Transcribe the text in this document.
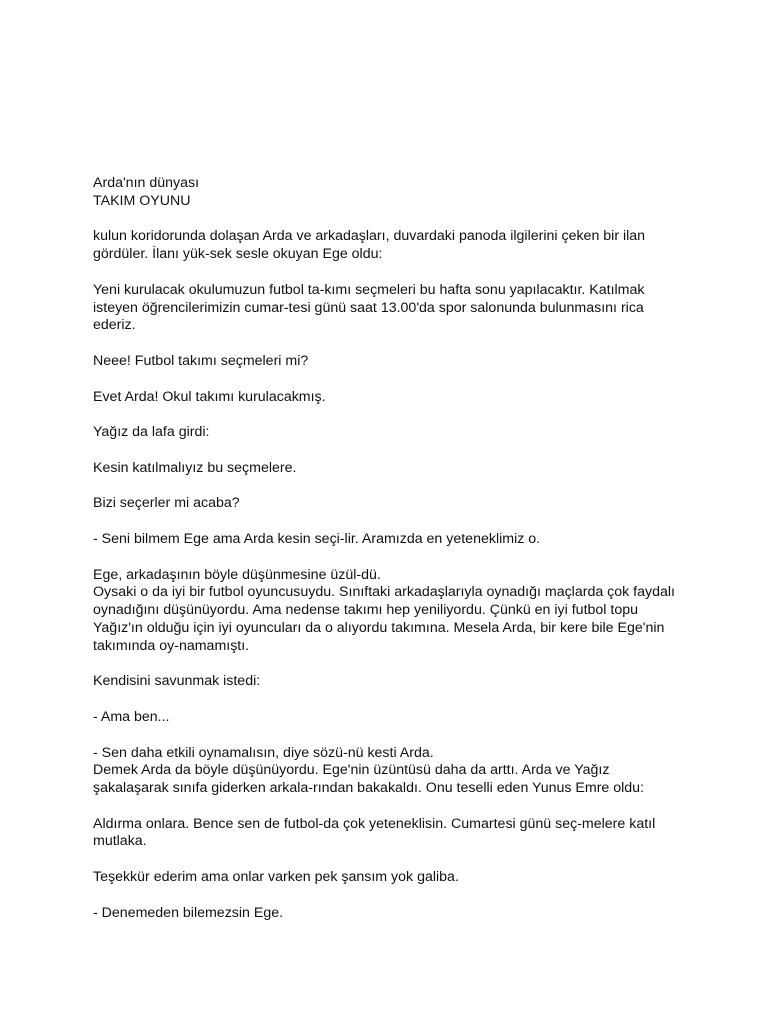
Arda'nın dünyası
TAKIM OYUNU
kulun koridorunda dolaşan Arda ve arkadaşları, duvardaki panoda ilgilerini çeken bir ilan
gördüler. İlanı yük-sek sesle okuyan Ege oldu:
Yeni kurulacak okulumuzun futbol ta-kımı seçmeleri bu hafta sonu yapılacaktır. Katılmak
isteyen öğrencilerimizin cumar-tesi günü saat 13.00'da spor salonunda bulunmasını rica
ederiz.
Neee! Futbol takımı seçmeleri mi?
Evet Arda! Okul takımı kurulacakmış.
Yağız da lafa girdi:
Kesin katılmalıyız bu seçmelere.
Bizi seçerler mi acaba?
- Seni bilmem Ege ama Arda kesin seçi-lir. Aramızda en yeteneklimiz o.
Ege, arkadaşının böyle düşünmesine üzül-dü.
Oysaki o da iyi bir futbol oyuncusuydu. Sınıftaki arkadaşlarıyla oynadığı maçlarda çok faydalı
oynadığını düşünüyordu. Ama nedense takımı hep yeniliyordu. Çünkü en iyi futbol topu
Yağız'ın olduğu için iyi oyuncuları da o alıyordu takımına. Mesela Arda, bir kere bile Ege'nin
takımında oy-namamıştı.
Kendisini savunmak istedi:
- Ama ben...
- Sen daha etkili oynamalısın, diye sözü-nü kesti Arda.
Demek Arda da böyle düşünüyordu. Ege'nin üzüntüsü daha da arttı. Arda ve Yağız
şakalaşarak sınıfa giderken arkala-rından bakakaldı. Onu teselli eden Yunus Emre oldu:
Aldırma onlara. Bence sen de futbol-da çok yeteneklisin. Cumartesi günü seç-melere katıl
mutlaka.
Teşekkür ederim ama onlar varken pek şansım yok galiba.
- Denemeden bilemezsin Ege.
